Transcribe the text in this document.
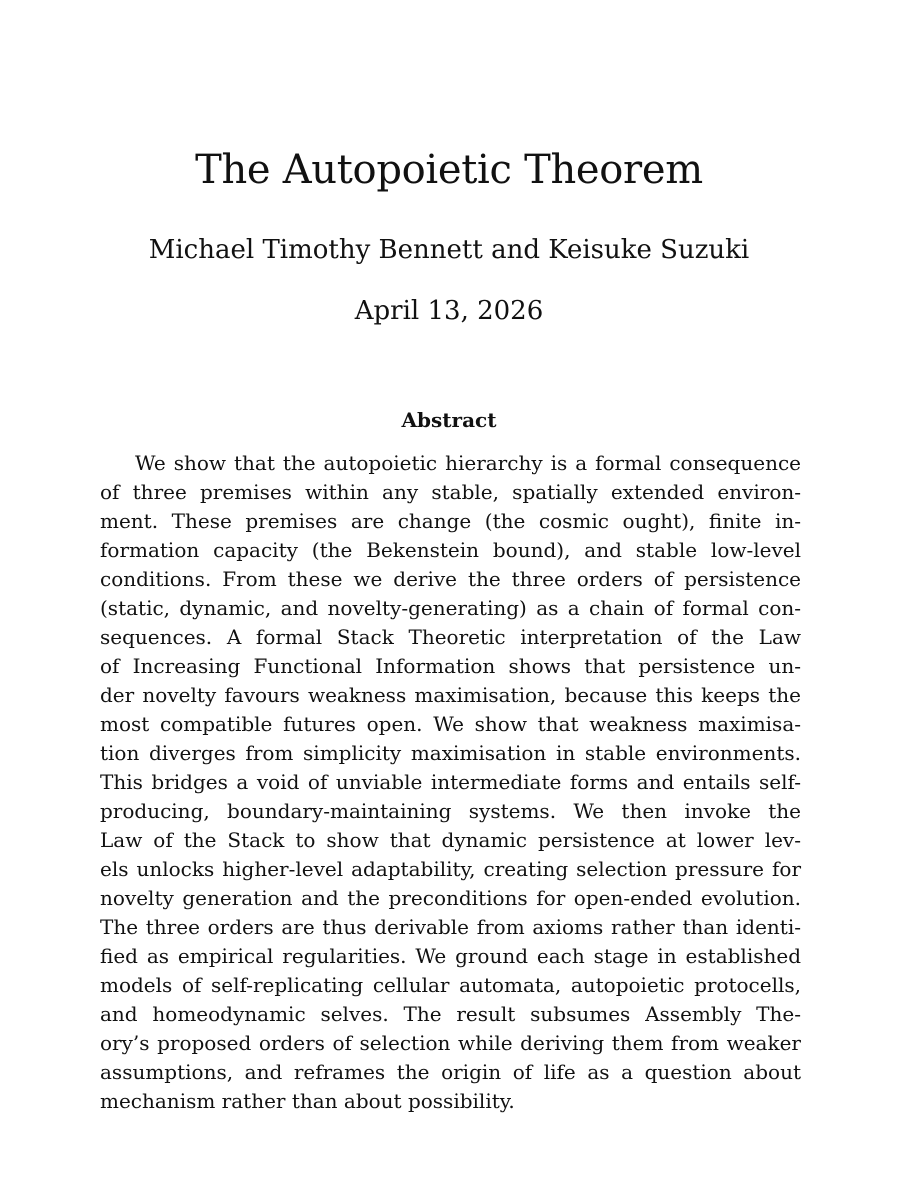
The Autopoietic Theorem
Michael Timothy Bennett and Keisuke Suzuki
April 13, 2026
Abstract
We show that the autopoietic hierarchy is a formal consequence
of three premises within any stable, spatially extended environ-
ment. These premises are change (the cosmic ought), finite in-
formation capacity (the Bekenstein bound), and stable low-level
conditions. From these we derive the three orders of persistence
(static, dynamic, and novelty-generating) as a chain of formal con-
sequences. A formal Stack Theoretic interpretation of the Law
of Increasing Functional Information shows that persistence un-
der novelty favours weakness maximisation, because this keeps the
most compatible futures open. We show that weakness maximisa-
tion diverges from simplicity maximisation in stable environments.
This bridges a void of unviable intermediate forms and entails self-
producing, boundary-maintaining systems. We then invoke the
Law of the Stack to show that dynamic persistence at lower lev-
els unlocks higher-level adaptability, creating selection pressure for
novelty generation and the preconditions for open-ended evolution.
The three orders are thus derivable from axioms rather than identi-
fied as empirical regularities. We ground each stage in established
models of self-replicating cellular automata, autopoietic protocells,
and homeodynamic selves. The result subsumes Assembly The-
ory’s proposed orders of selection while deriving them from weaker
assumptions, and reframes the origin of life as a question about
mechanism rather than about possibility.
